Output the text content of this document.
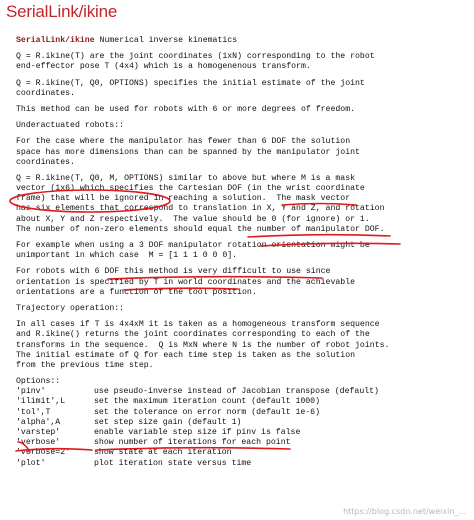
SerialLink/ikine
SerialLink/ikine Numerical inverse kinematics
Q = R.ikine(T) are the joint coordinates (1xN) corresponding to the robot
end-effector pose T (4x4) which is a homogenenous transform.
Q = R.ikine(T, Q0, OPTIONS) specifies the initial estimate of the joint
coordinates.
This method can be used for robots with 6 or more degrees of freedom.
Underactuated robots::
For the case where the manipulator has fewer than 6 DOF the solution
space has more dimensions than can be spanned by the manipulator joint
coordinates.
Q = R.ikine(T, Q0, M, OPTIONS) similar to above but where M is a mask
vector (1x6) which specifies the Cartesian DOF (in the wrist coordinate
frame) that will be ignored in reaching a solution.  The mask vector
has six elements that correspond to translation in X, Y and Z, and rotation
about X, Y and Z respectively.  The value should be 0 (for ignore) or 1.
The number of non-zero elements should equal the number of manipulator DOF.
For example when using a 3 DOF manipulator rotation orientation might be
unimportant in which case  M = [1 1 1 0 0 0].
For robots with 6 DOF this method is very difficult to use since
orientation is specified by T in world coordinates and the achievable
orientations are a function of the tool position.
Trajectory operation::
In all cases if T is 4x4xM it is taken as a homogeneous transform sequence
and R.ikine() returns the joint coordinates corresponding to each of the
transforms in the sequence.  Q is MxN where N is the number of robot joints.
The initial estimate of Q for each time step is taken as the solution
from the previous time step.
Options::
'pinv'	use pseudo-inverse instead of Jacobian transpose (default)
'ilimit',L	set the maximum iteration count (default 1000)
'tol',T	set the tolerance on error norm (default 1e-6)
'alpha',A	set step size gain (default 1)
'varstep'	enable variable step size if pinv is false
'verbose'	show number of iterations for each point
'verbose=2'	show state at each iteration
'plot'	plot iteration state versus time
https://blog.csdn.net/weixin_...
